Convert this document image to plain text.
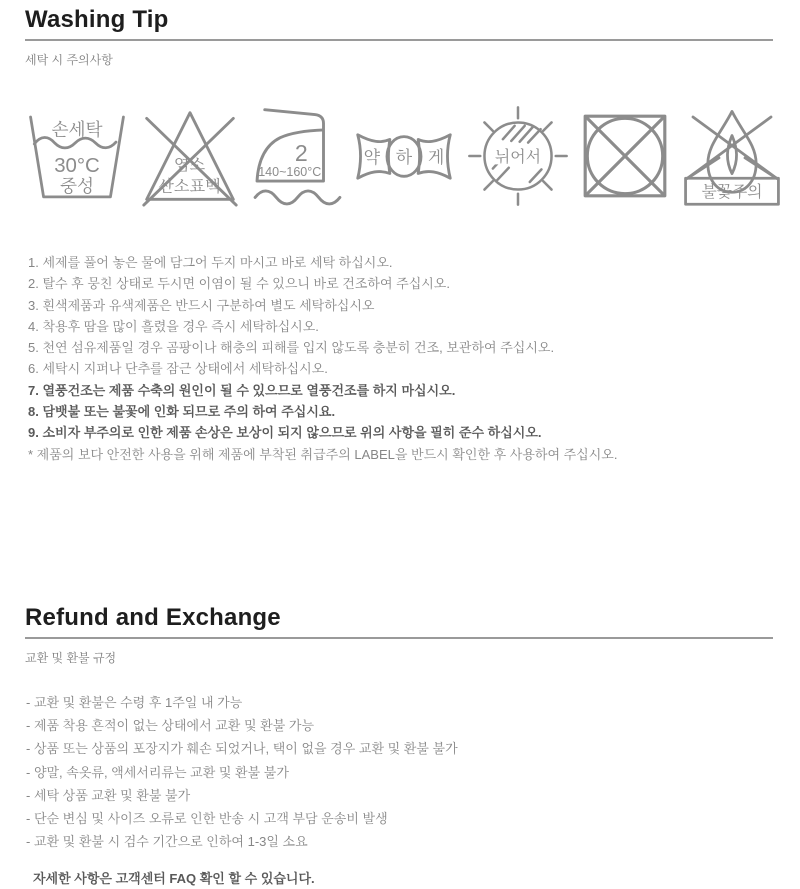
Washing Tip
세탁 시 주의사항
손세탁
30°C
중성
염소
산소표백
2
140~160°C
약 하 게	뉘어서
불꽃주의
1. 세제를 풀어 놓은 물에 담그어 두지 마시고 바로 세탁 하십시오.
2. 탈수 후 뭉친 상태로 두시면 이염이 될 수 있으니 바로 건조하여 주십시오.
3. 흰색제품과 유색제품은 반드시 구분하여 별도 세탁하십시오
4. 착용후 땀을 많이 흘렸을 경우 즉시 세탁하십시오.
5. 천연 섬유제품일 경우 곰팡이나 해충의 피해를 입지 않도록 충분히 건조, 보관하여 주십시오.
6. 세탁시 지퍼나 단추를 잠근 상태에서 세탁하십시오.
7. 열풍건조는 제품 수축의 원인이 될 수 있으므로 열풍건조를 하지 마십시오.
8. 담뱃불 또는 불꽃에 인화 되므로 주의 하여 주십시요.
9. 소비자 부주의로 인한 제품 손상은 보상이 되지 않으므로 위의 사항을 필히 준수 하십시오.
* 제품의 보다 안전한 사용을 위해 제품에 부착된 취급주의 LABEL을 반드시 확인한 후 사용하여 주십시오.
Refund and Exchange
교환 및 환불 규정
- 교환 및 환불은 수령 후 1주일 내 가능
- 제품 착용 흔적이 없는 상태에서 교환 및 환불 가능
- 상품 또는 상품의 포장지가 훼손 되었거나, 택이 없을 경우 교환 및 환불 불가
- 양말, 속옷류, 액세서리류는 교환 및 환불 불가
- 세탁 상품 교환 및 환불 불가
- 단순 변심 및 사이즈 오류로 인한 반송 시 고객 부담 운송비 발생
- 교환 및 환불 시 검수 기간으로 인하여 1-3일 소요
자세한 사항은 고객센터 FAQ 확인 할 수 있습니다.
